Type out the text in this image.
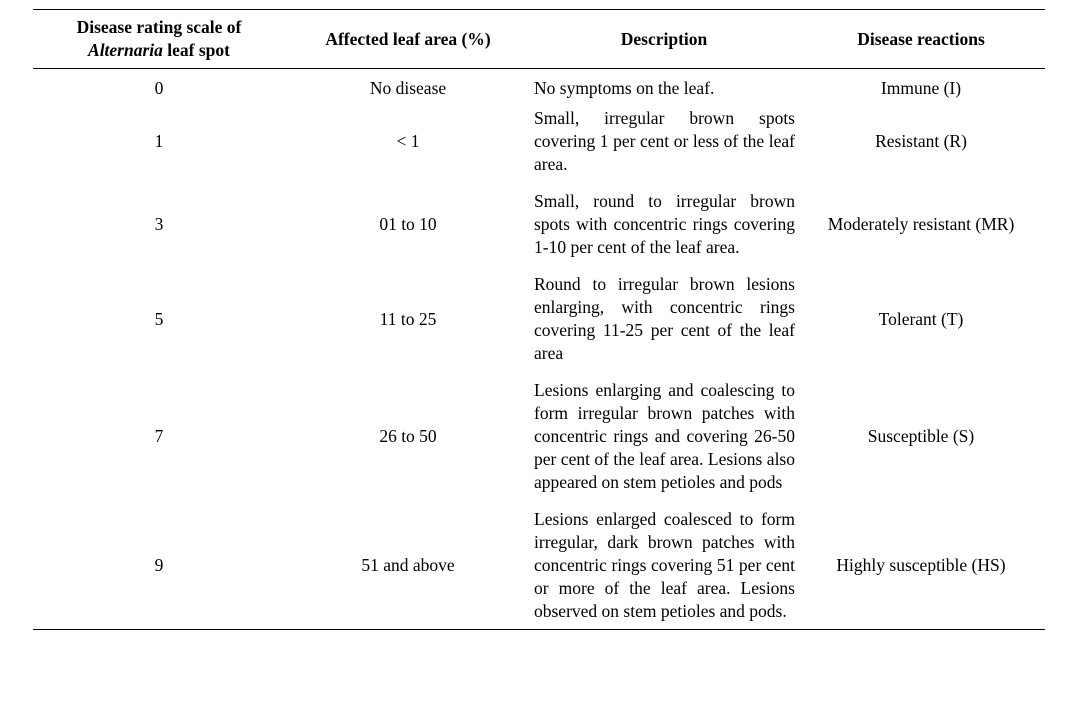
Disease rating scale of
Alternaria leaf spot	Affected leaf area (%)	Description	Disease reactions
0	No disease	No symptoms on the leaf.	Immune (I)
1	< 1	Small, irregular brown spots covering 1 per cent or less of the leaf area.	Resistant (R)
3	01 to 10	Small, round to irregular brown spots with concentric rings covering 1-10 per cent of the leaf area.	Moderately resistant (MR)
5	11 to 25	Round to irregular brown lesions enlarging, with concentric rings covering 11-25 per cent of the leaf area	Tolerant (T)
7	26 to 50	Lesions enlarging and coalescing to form irregular brown patches with concentric rings and covering 26-50 per cent of the leaf area. Lesions also appeared on stem petioles and pods	Susceptible (S)
9	51 and above	Lesions enlarged coalesced to form irregular, dark brown patches with concentric rings covering 51 per cent or more of the leaf area. Lesions observed on stem petioles and pods.	Highly susceptible (HS)
